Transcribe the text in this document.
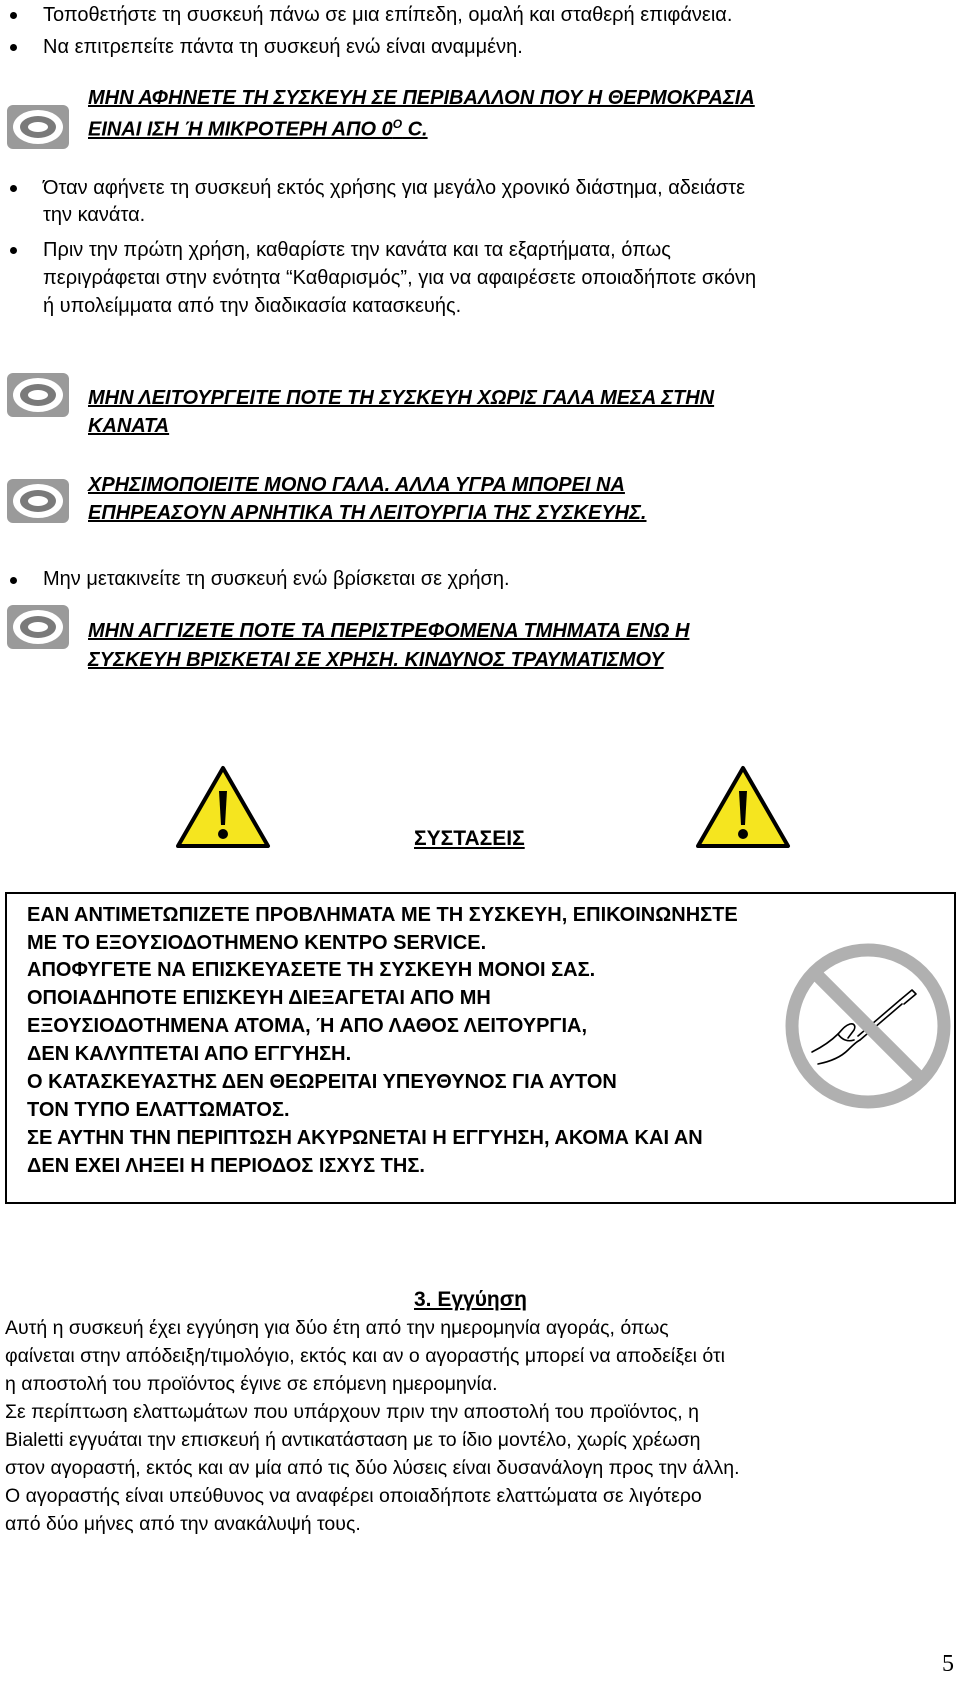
Τοποθετήστε τη συσκευή πάνω σε μια επίπεδη, ομαλή και σταθερή επιφάνεια.
Να επιτρεπείτε πάντα τη συσκευή ενώ είναι αναμμένη.
ΜΗΝ ΑΦΗΝΕΤΕ ΤΗ ΣΥΣΚΕΥΗ ΣΕ ΠΕΡΙΒΑΛΛΟΝ ΠΟΥ Η ΘΕΡΜΟΚΡΑΣΙΑ
ΕΙΝΑΙ ΙΣΗ Ή ΜΙΚΡΟΤΕΡΗ ΑΠΟ $0^O$ C.
Όταν αφήνετε τη συσκευή εκτός χρήσης για μεγάλο χρονικό διάστημα, αδειάστε
την κανάτα.
Πριν την πρώτη χρήση, καθαρίστε την κανάτα και τα εξαρτήματα, όπως
περιγράφεται στην ενότητα “Καθαρισμός”, για να αφαιρέσετε οποιαδήποτε σκόνη
ή υπολείμματα από την διαδικασία κατασκευής.
ΜΗΝ ΛΕΙΤΟΥΡΓΕΙΤΕ ΠΟΤΕ ΤΗ ΣΥΣΚΕΥΗ ΧΩΡΙΣ ΓΑΛΑ ΜΕΣΑ ΣΤΗΝ
ΚΑΝΑΤΑ
ΧΡΗΣΙΜΟΠΟΙΕΙΤΕ ΜΟΝΟ ΓΑΛΑ. ΑΛΛΑ ΥΓΡΑ ΜΠΟΡΕΙ ΝΑ
ΕΠΗΡΕΑΣΟΥΝ ΑΡΝΗΤΙΚΑ ΤΗ ΛΕΙΤΟΥΡΓΙΑ ΤΗΣ ΣΥΣΚΕΥΗΣ.
Μην μετακινείτε τη συσκευή ενώ βρίσκεται σε χρήση.
ΜΗΝ ΑΓΓΙΖΕΤΕ ΠΟΤΕ ΤΑ ΠΕΡΙΣΤΡΕΦΟΜΕΝΑ ΤΜΗΜΑΤΑ ΕΝΩ Η
ΣΥΣΚΕΥΗ ΒΡΙΣΚΕΤΑΙ ΣΕ ΧΡΗΣΗ. ΚΙΝΔΥΝΟΣ ΤΡΑΥΜΑΤΙΣΜΟΥ
ΣΥΣΤΑΣΕΙΣ
ΕΑΝ ΑΝΤΙΜΕΤΩΠΙΖΕΤΕ ΠΡΟΒΛΗΜΑΤΑ ΜΕ ΤΗ ΣΥΣΚΕΥΗ, ΕΠΙΚΟΙΝΩΝΗΣΤΕ
ΜΕ ΤΟ ΕΞΟΥΣΙΟΔΟΤΗΜΕΝΟ ΚΕΝΤΡΟ SERVICE.
ΑΠΟΦΥΓΕΤΕ ΝΑ ΕΠΙΣΚΕΥΑΣΕΤΕ ΤΗ ΣΥΣΚΕΥΗ ΜΟΝΟΙ ΣΑΣ.
ΟΠΟΙΑΔΗΠΟΤΕ ΕΠΙΣΚΕΥΗ ΔΙΕΞΑΓΕΤΑΙ ΑΠΟ ΜΗ
ΕΞΟΥΣΙΟΔΟΤΗΜΕΝΑ ΑΤΟΜΑ, Ή ΑΠΟ ΛΑΘΟΣ ΛΕΙΤΟΥΡΓΙΑ,
ΔΕΝ ΚΑΛΥΠΤΕΤΑΙ ΑΠΟ ΕΓΓΥΗΣΗ.
Ο ΚΑΤΑΣΚΕΥΑΣΤΗΣ ΔΕΝ ΘΕΩΡΕΙΤΑΙ ΥΠΕΥΘΥΝΟΣ ΓΙΑ ΑΥΤΟΝ
ΤΟΝ ΤΥΠΟ ΕΛΑΤΤΩΜΑΤΟΣ.
ΣΕ ΑΥΤΗΝ ΤΗΝ ΠΕΡΙΠΤΩΣΗ ΑΚΥΡΩΝΕΤΑΙ Η ΕΓΓΥΗΣΗ, ΑΚΟΜΑ ΚΑΙ ΑΝ
ΔΕΝ ΕΧΕΙ ΛΗΞΕΙ Η ΠΕΡΙΟΔΟΣ ΙΣΧΥΣ ΤΗΣ.
3. Εγγύηση
Αυτή η συσκευή έχει εγγύηση για δύο έτη από την ημερομηνία αγοράς, όπως
φαίνεται στην απόδειξη/τιμολόγιο, εκτός και αν ο αγοραστής μπορεί να αποδείξει ότι
η αποστολή του προϊόντος έγινε σε επόμενη ημερομηνία.
Σε περίπτωση ελαττωμάτων που υπάρχουν πριν την αποστολή του προϊόντος, η
Bialetti εγγυάται την επισκευή ή αντικατάσταση με το ίδιο μοντέλο, χωρίς χρέωση
στον αγοραστή, εκτός και αν μία από τις δύο λύσεις είναι δυσανάλογη προς την άλλη.
Ο αγοραστής είναι υπεύθυνος να αναφέρει οποιαδήποτε ελαττώματα σε λιγότερο
από δύο μήνες από την ανακάλυψή τους.
5
